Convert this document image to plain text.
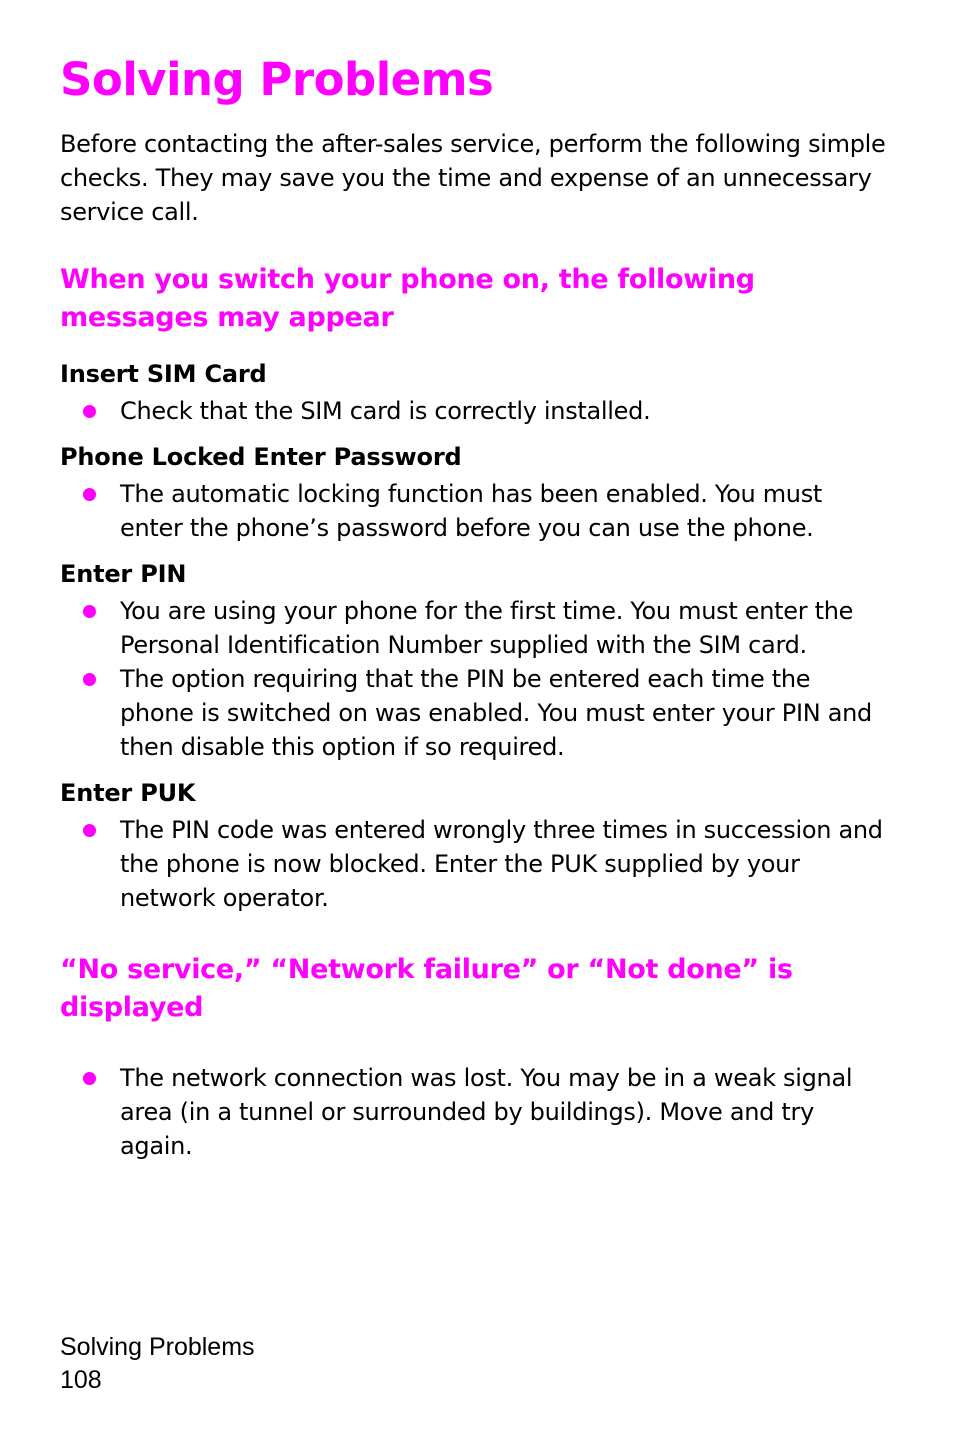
Solving Problems

Before contacting the after-sales service, perform the following simple checks. They may save you the time and expense of an unnecessary service call.

When you switch your phone on, the following messages may appear
Insert SIM Card
Check that the SIM card is correctly installed.
Phone Locked Enter Password
The automatic locking function has been enabled. You must enter the phone’s password before you can use the phone.
Enter PIN
You are using your phone for the first time. You must enter the Personal Identification Number supplied with the SIM card.
The option requiring that the PIN be entered each time the phone is switched on was enabled. You must enter your PIN and then disable this option if so required.
Enter PUK
The PIN code was entered wrongly three times in succession and the phone is now blocked. Enter the PUK supplied by your network operator.
“No service,” “Network failure” or “Not done” is displayed
The network connection was lost. You may be in a weak signal area (in a tunnel or surrounded by buildings). Move and try again.
Solving Problems
108
